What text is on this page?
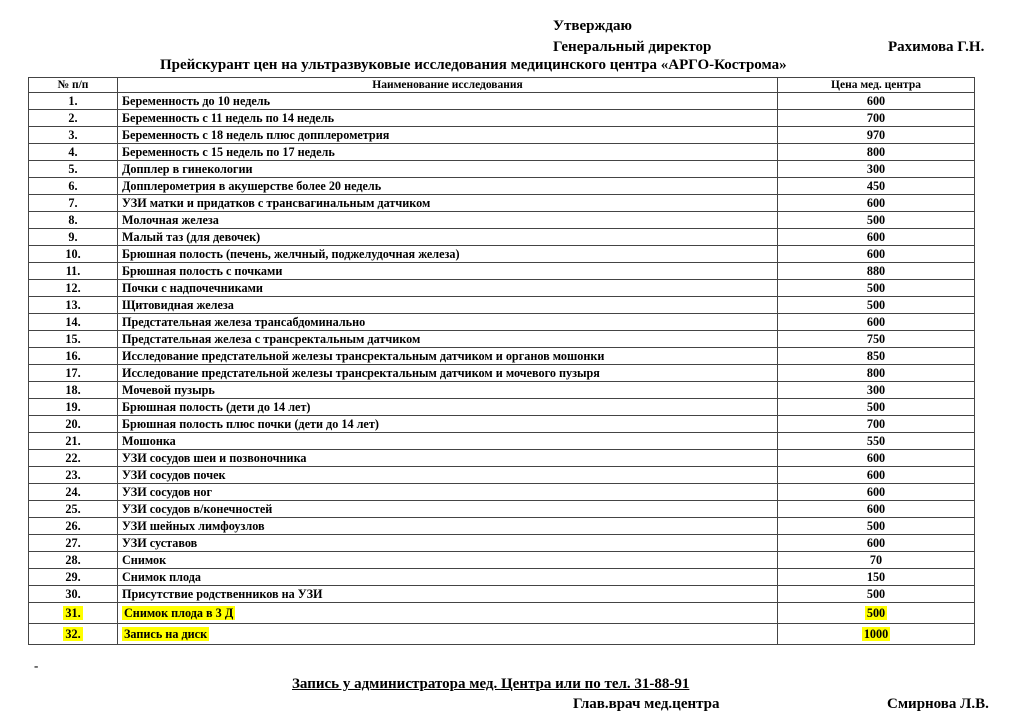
Утверждаю
Генеральный директор	Рахимова Г.Н.
Прейскурант цен на ультразвуковые исследования медицинского центра «АРГО-Кострома»
№ п/п	Наименование исследования	Цена мед. центра
1.	Беременность до 10 недель	600
2.	Беременность с 11 недель по 14 недель	700
3.	Беременность с 18 недель плюс допплерометрия	970
4.	Беременность с 15 недель по 17 недель	800
5.	Допплер в гинекологии	300
6.	Допплерометрия в акушерстве более 20 недель	450
7.	УЗИ матки и придатков с трансвагинальным датчиком	600
8.	Молочная железа	500
9.	Малый таз (для девочек)	600
10.	Брюшная полость (печень, желчный, поджелудочная железа)	600
11.	Брюшная полость с почками	880
12.	Почки с надпочечниками	500
13.	Щитовидная железа	500
14.	Предстательная железа трансабдоминально	600
15.	Предстательная железа с трансректальным датчиком	750
16.	Исследование предстательной железы трансректальным датчиком и органов мошонки	850
17.	Исследование предстательной железы трансректальным датчиком и мочевого пузыря	800
18.	Мочевой пузырь	300
19.	Брюшная полость (дети до 14 лет)	500
20.	Брюшная полость плюс почки (дети до 14 лет)	700
21.	Мошонка	550
22.	УЗИ сосудов шеи и позвоночника	600
23.	УЗИ сосудов почек	600
24.	УЗИ сосудов ног	600
25.	УЗИ сосудов в/конечностей	600
26.	УЗИ шейных лимфоузлов	500
27.	УЗИ суставов	600
28.	Снимок	70
29.	Снимок плода	150
30.	Присутствие родственников на УЗИ	500
31.	Снимок плода в 3 Д	500
32.	Запись на диск	1000
-
Запись у администратора мед. Центра или по тел. 31-88-91
Глав.врач мед.центра	Смирнова Л.В.
